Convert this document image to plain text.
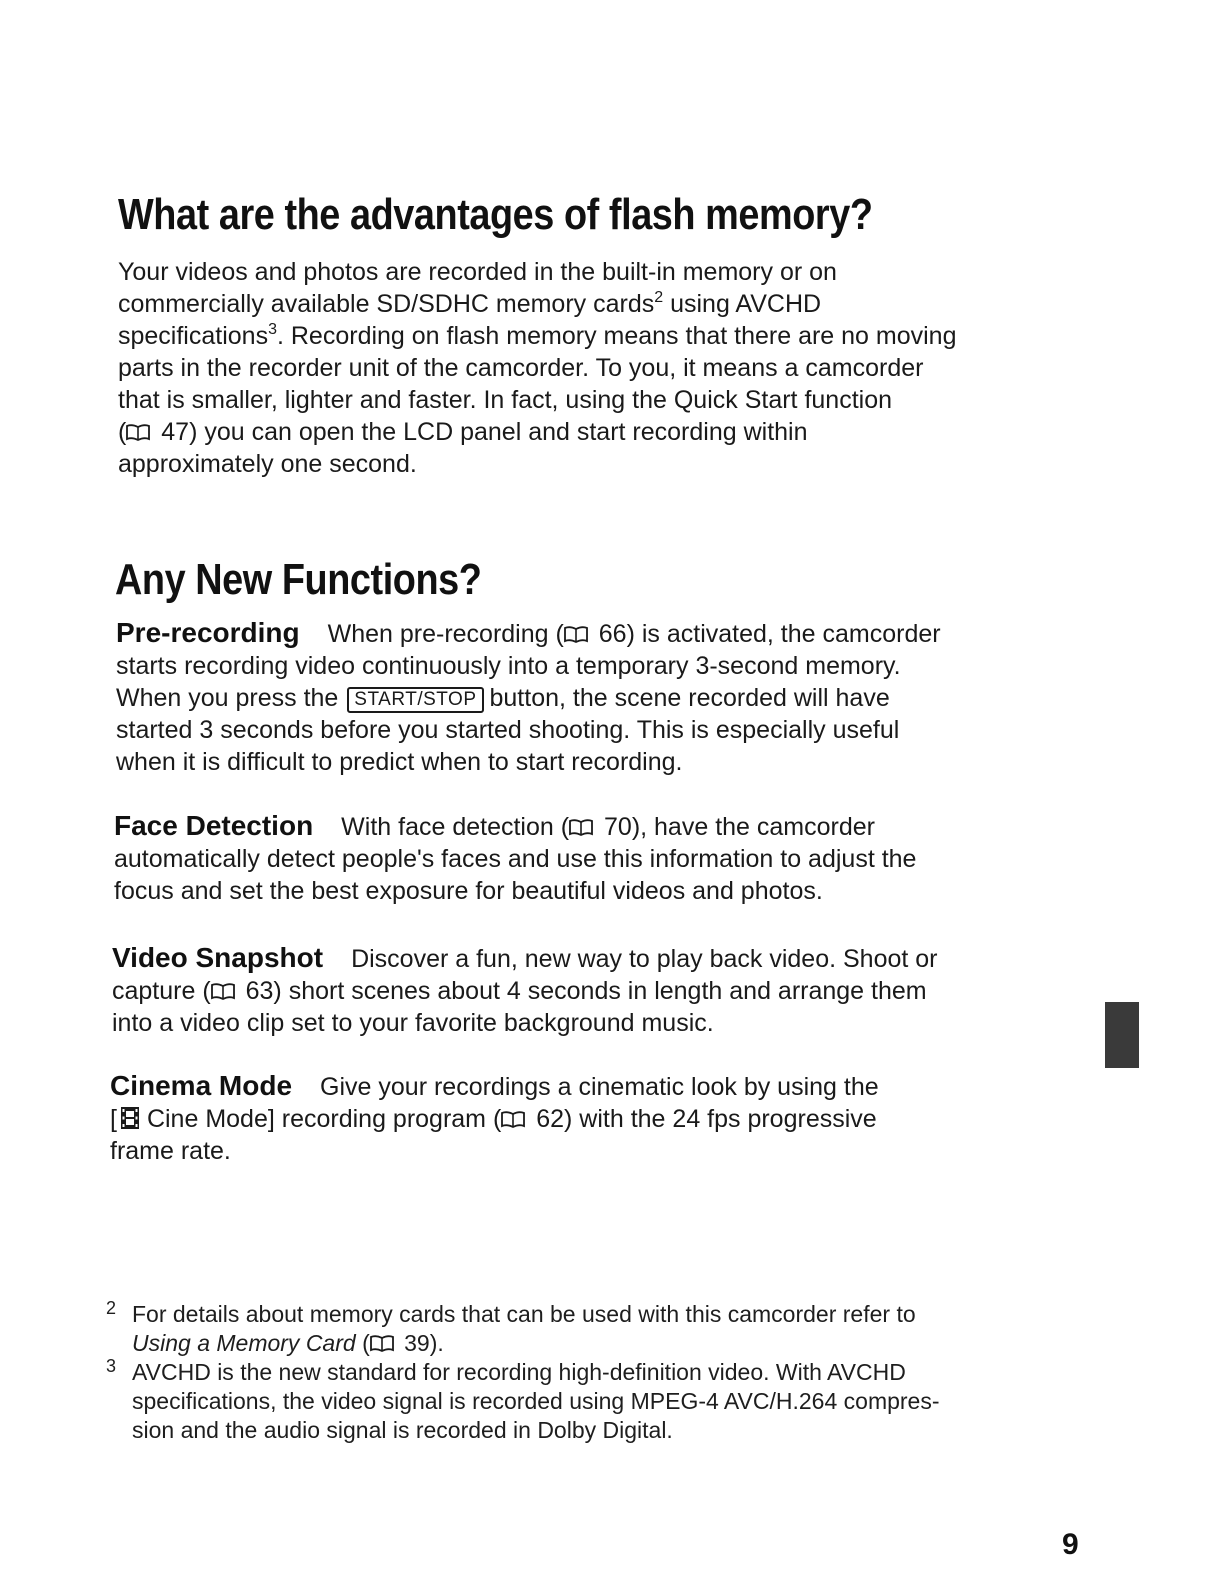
What are the advantages of flash memory?

Your videos and photos are recorded in the built-in memory or on
commercially available SD/SDHC memory cards$^2$ using AVCHD
specifications$^3$. Recording on flash memory means that there are no moving
parts in the recorder unit of the camcorder. To you, it means a camcorder
that is smaller, lighter and faster. In fact, using the Quick Start function
(
47) you can open the LCD panel and start recording within
approximately one second.

Any New Functions?

Pre-recording When pre-recording (
66) is activated, the camcorder
starts recording video continuously into a temporary 3-second memory.
When you press the START/STOP button, the scene recorded will have
started 3 seconds before you started shooting. This is especially useful
when it is difficult to predict when to start recording.

Face Detection With face detection (
70), have the camcorder
automatically detect people's faces and use this information to adjust the
focus and set the best exposure for beautiful videos and photos.

Video Snapshot Discover a fun, new way to play back video. Shoot or
capture (
63) short scenes about 4 seconds in length and arrange them
into a video clip set to your favorite background music.

Cinema Mode Give your recordings a cinematic look by using the
[ Cine Mode] recording program (
62) with the 24 fps progressive
frame rate.

2 For details about memory cards that can be used with this camcorder refer to
Using a Memory Card (
39).
3 AVCHD is the new standard for recording high-definition video. With AVCHD
specifications, the video signal is recorded using MPEG-4 AVC/H.264 compres-
sion and the audio signal is recorded in Dolby Digital.
9
